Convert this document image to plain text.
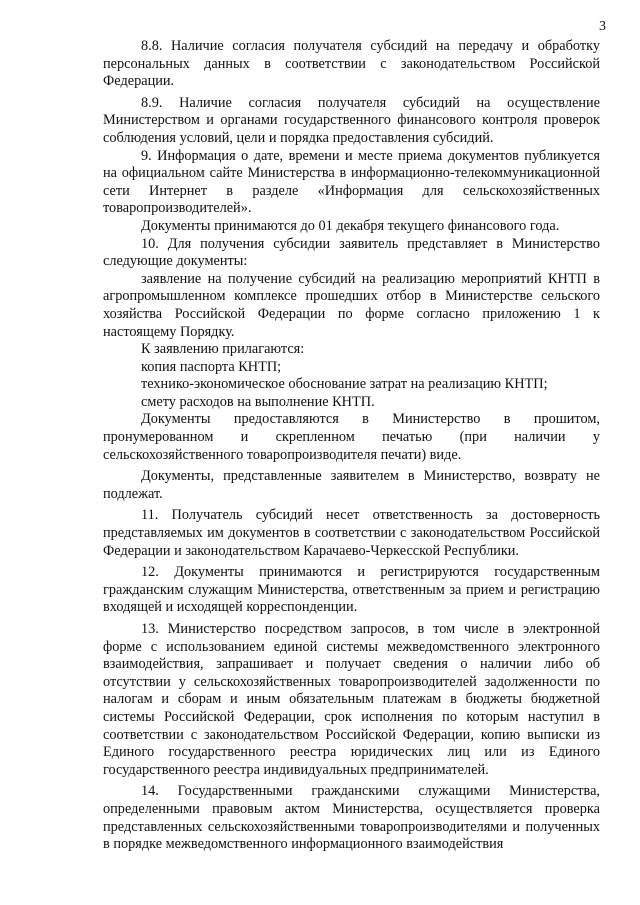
3

8.8. Наличие согласия получателя субсидий на передачу и обработку персональных данных в соответствии с законодательством Российской Федерации.

8.9. Наличие согласия получателя субсидий на осуществление Министерством и органами государственного финансового контроля проверок соблюдения условий, цели и порядка предоставления субсидий.

9. Информация о дате, времени и месте приема документов публикуется на официальном сайте Министерства в информационно-телекоммуникационной сети Интернет в разделе «Информация для сельскохозяйственных товаропроизводителей».

Документы принимаются до 01 декабря текущего финансового года.

10. Для получения субсидии заявитель представляет в Министерство следующие документы:

заявление на получение субсидий на реализацию мероприятий КНТП в агропромышленном комплексе прошедших отбор в Министерстве сельского хозяйства Российской Федерации по форме согласно приложению 1 к настоящему Порядку.

К заявлению прилагаются:

копия паспорта КНТП;

технико-экономическое обоснование затрат на реализацию КНТП;

смету расходов на выполнение КНТП.

Документы предоставляются в Министерство в прошитом, пронумерованном и скрепленном печатью (при наличии у сельскохозяйственного товаропроизводителя печати) виде.

Документы, представленные заявителем в Министерство, возврату не подлежат.

11. Получатель субсидий несет ответственность за достоверность представляемых им документов в соответствии с законодательством Российской Федерации и законодательством Карачаево-Черкесской Республики.

12. Документы принимаются и регистрируются государственным гражданским служащим Министерства, ответственным за прием и регистрацию входящей и исходящей корреспонденции.

13. Министерство посредством запросов, в том числе в электронной форме с использованием единой системы межведомственного электронного взаимодействия, запрашивает и получает сведения о наличии либо об отсутствии у сельскохозяйственных товаропроизводителей задолженности по налогам и сборам и иным обязательным платежам в бюджеты бюджетной системы Российской Федерации, срок исполнения по которым наступил в соответствии с законодательством Российской Федерации, копию выписки из Единого государственного реестра юридических лиц или из Единого государственного реестра индивидуальных предпринимателей.

14. Государственными гражданскими служащими Министерства, определенными правовым актом Министерства, осуществляется проверка представленных сельскохозяйственными товаропроизводителями и полученных в порядке межведомственного информационного взаимодействия
